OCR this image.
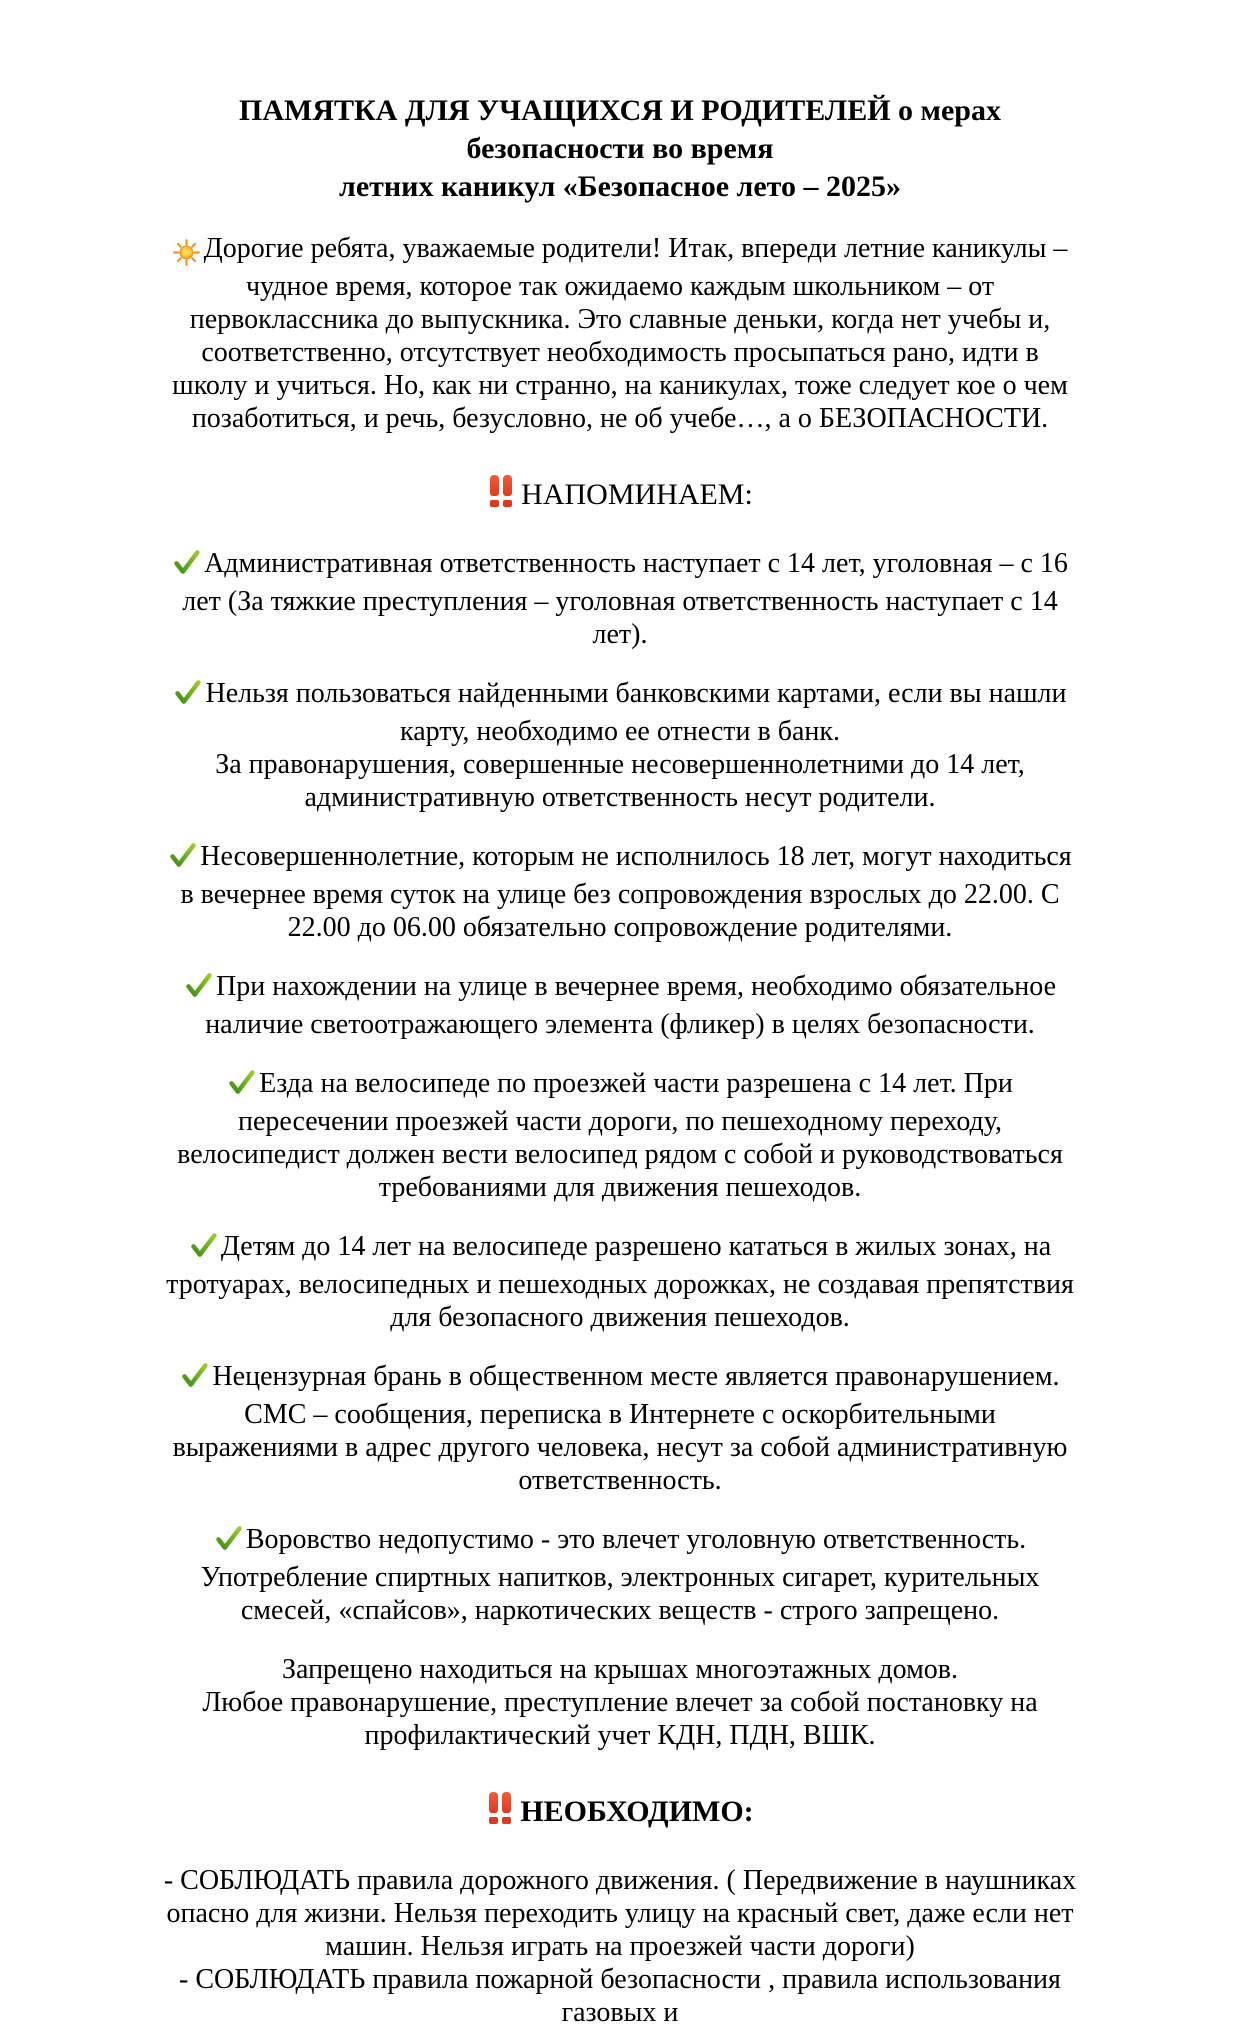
ПАМЯТКА ДЛЯ УЧАЩИХСЯ И РОДИТЕЛЕЙ о мерах безопасности во время
летних каникул «Безопасное лето – 2025»

Дорогие ребята, уважаемые родители! Итак, впереди летние каникулы – чудное время, которое так ожидаемо каждым школьником – от первоклассника до выпускника. Это славные деньки, когда нет учебы и, соответственно, отсутствует необходимость просыпаться рано, идти в школу и учиться. Но, как ни странно, на каникулах, тоже следует кое о чем позаботиться, и речь, безусловно, не об учебе…, а о БЕЗОПАСНОСТИ.

НАПОМИНАЕМ:

Административная ответственность наступает с 14 лет, уголовная – с 16 лет (За тяжкие преступления – уголовная ответственность наступает с 14 лет).

Нельзя пользоваться найденными банковскими картами, если вы нашли карту, необходимо ее отнести в банк.
За правонарушения, совершенные несовершеннолетними до 14 лет, административную ответственность несут родители.

Несовершеннолетние, которым не исполнилось 18 лет, могут находиться в вечернее время суток на улице без сопровождения взрослых до 22.00. С 22.00 до 06.00 обязательно сопровождение родителями.

При нахождении на улице в вечернее время, необходимо обязательное наличие светоотражающего элемента (фликер) в целях безопасности.

Езда на велосипеде по проезжей части разрешена с 14 лет. При пересечении проезжей части дороги, по пешеходному переходу, велосипедист должен вести велосипед рядом с собой и руководствоваться требованиями для движения пешеходов.

Детям до 14 лет на велосипеде разрешено кататься в жилых зонах, на тротуарах, велосипедных и пешеходных дорожках, не создавая препятствия для безопасного движения пешеходов.

Нецензурная брань в общественном месте является правонарушением. СМС – сообщения, переписка в Интернете с оскорбительными выражениями в адрес другого человека, несут за собой административную ответственность.

Воровство недопустимо - это влечет уголовную ответственность. Употребление спиртных напитков, электронных сигарет, курительных смесей, «спайсов», наркотических веществ - строго запрещено.

Запрещено находиться на крышах многоэтажных домов.
Любое правонарушение, преступление влечет за собой постановку на профилактический учет КДН, ПДН, ВШК.

НЕОБХОДИМО:

- СОБЛЮДАТЬ правила дорожного движения. ( Передвижение в наушниках опасно для жизни. Нельзя переходить улицу на красный свет, даже если нет машин. Нельзя играть на проезжей части дороги)
- СОБЛЮДАТЬ правила пожарной безопасности , правила использования газовых и
